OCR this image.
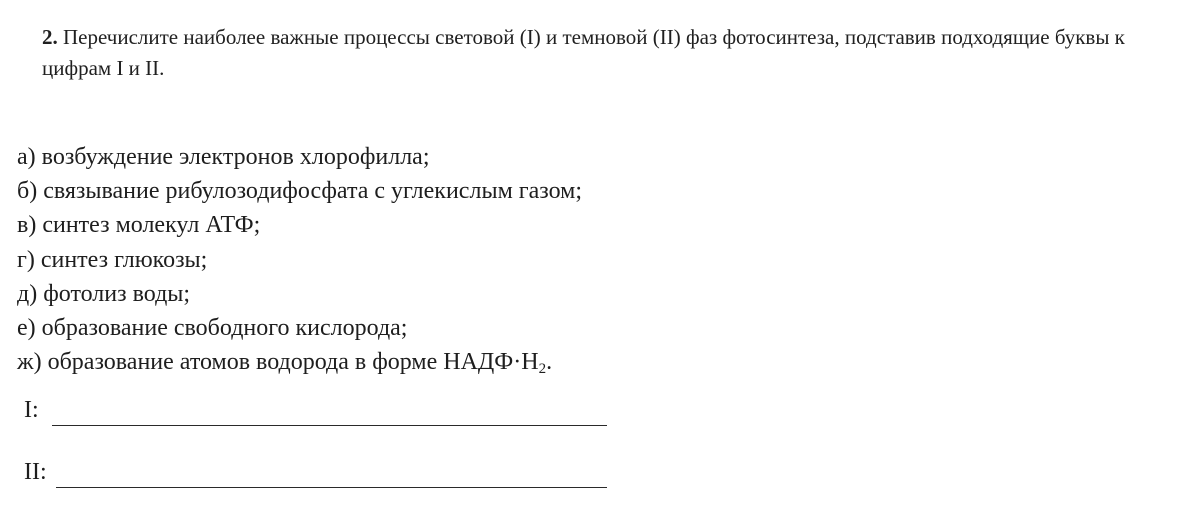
2. Перечислите наиболее важные процессы световой (I) и темновой (II) фаз фотосинтеза, подставив подходящие буквы к цифрам I и II.
а) возбуждение электронов хлорофилла;
б) связывание рибулозодифосфата с углекислым газом;
в) синтез молекул АТФ;
г) синтез глюкозы;
д) фотолиз воды;
е) образование свободного кислорода;
ж) образование атомов водорода в форме $НАДФ\cdot Н_2$.
I:
II:
